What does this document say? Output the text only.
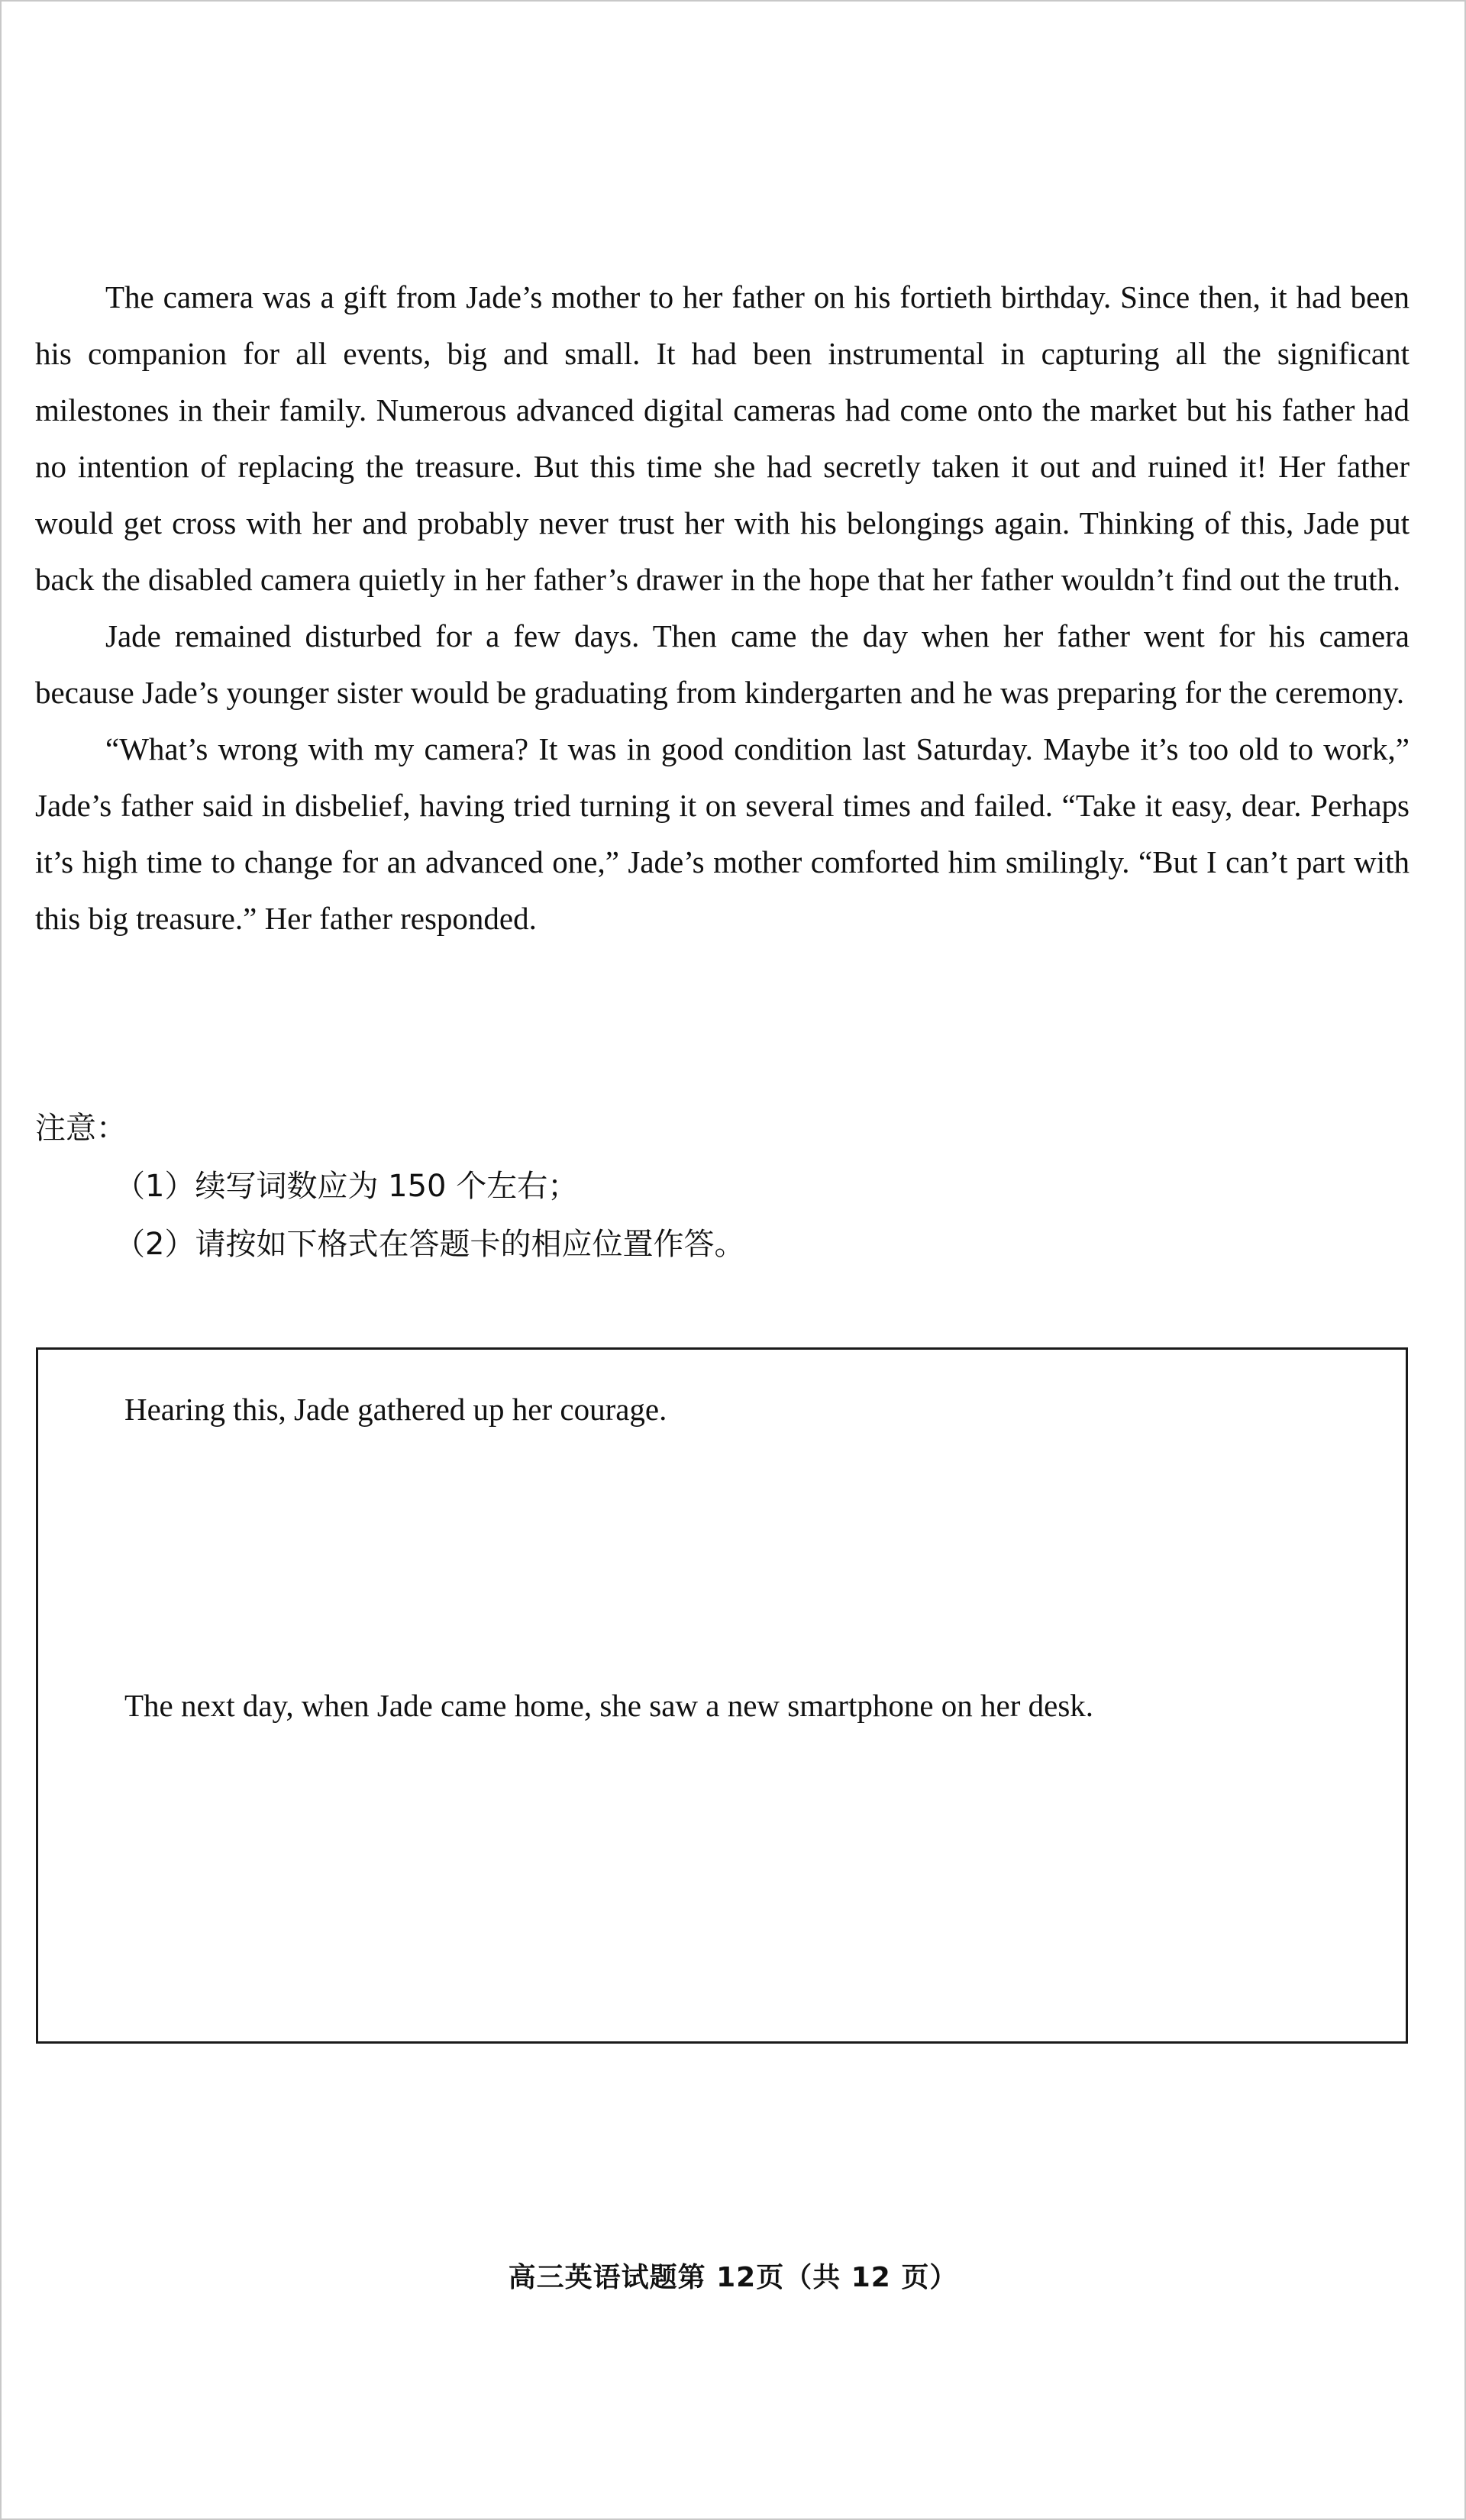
The camera was a gift from Jade’s mother to her father on his fortieth birthday. Since then, it had been his companion for all events, big and small. It had been instrumental in capturing all the significant milestones in their family. Numerous advanced digital cameras had come onto the market but his father had no intention of replacing the treasure. But this time she had secretly taken it out and ruined it! Her father would get cross with her and probably never trust her with his belongings again. Thinking of this, Jade put back the disabled camera quietly in her father’s drawer in the hope that her father wouldn’t find out the truth.

Jade remained disturbed for a few days. Then came the day when her father went for his camera because Jade’s younger sister would be graduating from kindergarten and he was preparing for the ceremony.

“What’s wrong with my camera? It was in good condition last Saturday. Maybe it’s too old to work,” Jade’s father said in disbelief, having tried turning it on several times and failed. “Take it easy, dear. Perhaps it’s high time to change for an advanced one,” Jade’s mother comforted him smilingly. “But I can’t part with this big treasure.” Her father responded.

注意：
（1）续写词数应为 150 个左右；
（2）请按如下格式在答题卡的相应位置作答。
Hearing this, Jade gathered up her courage.
The next day, when Jade came home, she saw a new smartphone on her desk.
高三英语试题第 12页（共 12 页）
